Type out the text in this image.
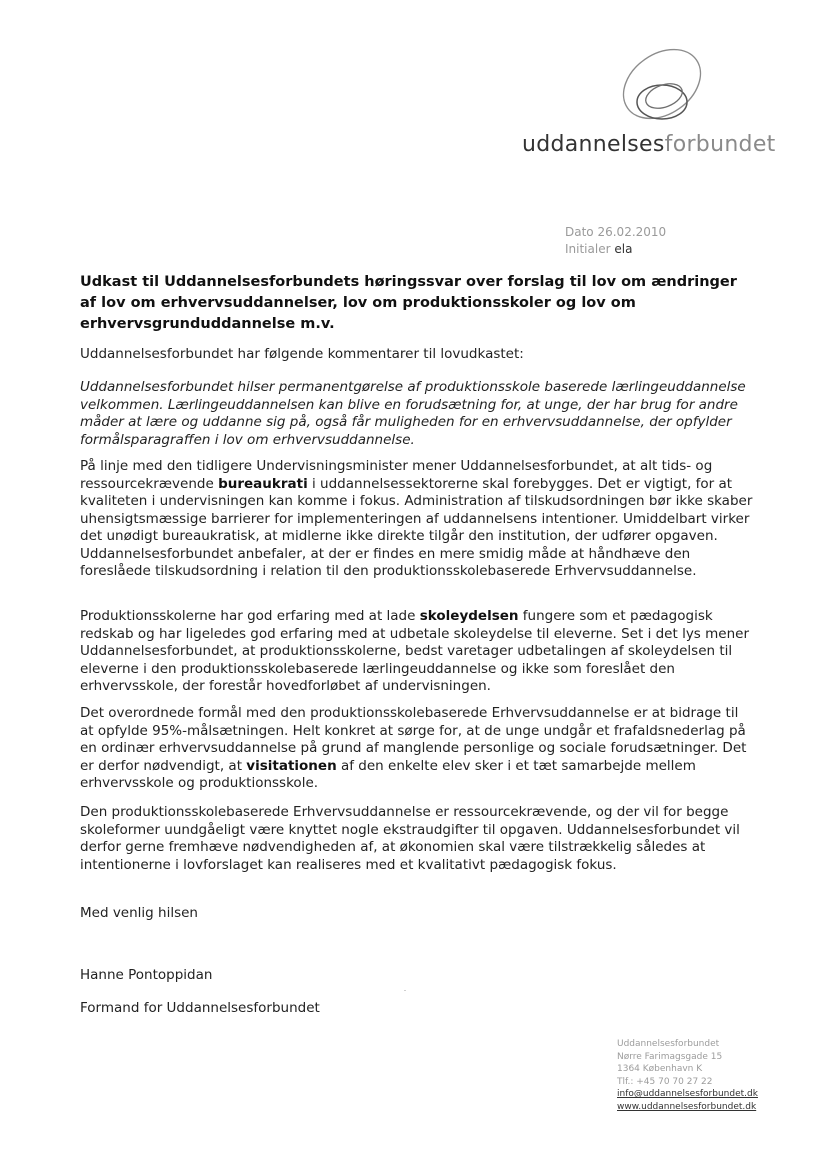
uddannelsesforbundet
Dato 26.02.2010
Initialer ela
Udkast til Uddannelsesforbundets høringssvar over forslag til lov om ændringer af lov om erhvervsuddannelser, lov om produktionsskoler og lov om erhvervsgrunduddannelse m.v.

Uddannelsesforbundet har følgende kommentarer til lovudkastet:

Uddannelsesforbundet hilser permanentgørelse af produktionsskole baserede lærlingeuddannelse velkommen. Lærlingeuddannelsen kan blive en forudsætning for, at unge, der har brug for andre måder at lære og uddanne sig på, også får muligheden for en erhvervsuddannelse, der opfylder formålsparagraffen i lov om erhvervsuddannelse.

På linje med den tidligere Undervisningsminister mener Uddannelsesforbundet, at alt tids- og ressourcekrævende bureaukrati i uddannelsessektorerne skal forebygges. Det er vigtigt, for at kvaliteten i undervisningen kan komme i fokus. Administration af tilskudsordningen bør ikke skaber uhensigtsmæssige barrierer for implementeringen af uddannelsens intentioner. Umiddelbart virker det unødigt bureaukratisk, at midlerne ikke direkte tilgår den institution, der udfører opgaven. Uddannelsesforbundet anbefaler, at der er findes en mere smidig måde at håndhæve den foreslåede tilskudsordning i relation til den produktionsskolebaserede Erhvervsuddannelse.

Produktionsskolerne har god erfaring med at lade skoleydelsen fungere som et pædagogisk redskab og har ligeledes god erfaring med at udbetale skoleydelse til eleverne. Set i det lys mener Uddannelsesforbundet, at produktionsskolerne, bedst varetager udbetalingen af skoleydelsen til eleverne i den produktionsskolebaserede lærlingeuddannelse og ikke som foreslået den erhvervsskole, der forestår hovedforløbet af undervisningen.

Det overordnede formål med den produktionsskolebaserede Erhvervsuddannelse er at bidrage til at opfylde 95%-målsætningen. Helt konkret at sørge for, at de unge undgår et frafaldsnederlag på en ordinær erhvervsuddannelse på grund af manglende personlige og sociale forudsætninger. Det er derfor nødvendigt, at visitationen af den enkelte elev sker i et tæt samarbejde mellem erhvervsskole og produktionsskole.

Den produktionsskolebaserede Erhvervsuddannelse er ressourcekrævende, og der vil for begge skoleformer uundgåeligt være knyttet nogle ekstraudgifter til opgaven. Uddannelsesforbundet vil derfor gerne fremhæve nødvendigheden af, at økonomien skal være tilstrækkelig således at intentionerne i lovforslaget kan realiseres med et kvalitativt pædagogisk fokus.

Med venlig hilsen

Hanne Pontoppidan

Formand for Uddannelsesforbundet

Uddannelsesforbundet
Nørre Farimagsgade 15
1364 København K
Tlf.: +45 70 70 27 22
info@uddannelsesforbundet.dk
www.uddannelsesforbundet.dk
